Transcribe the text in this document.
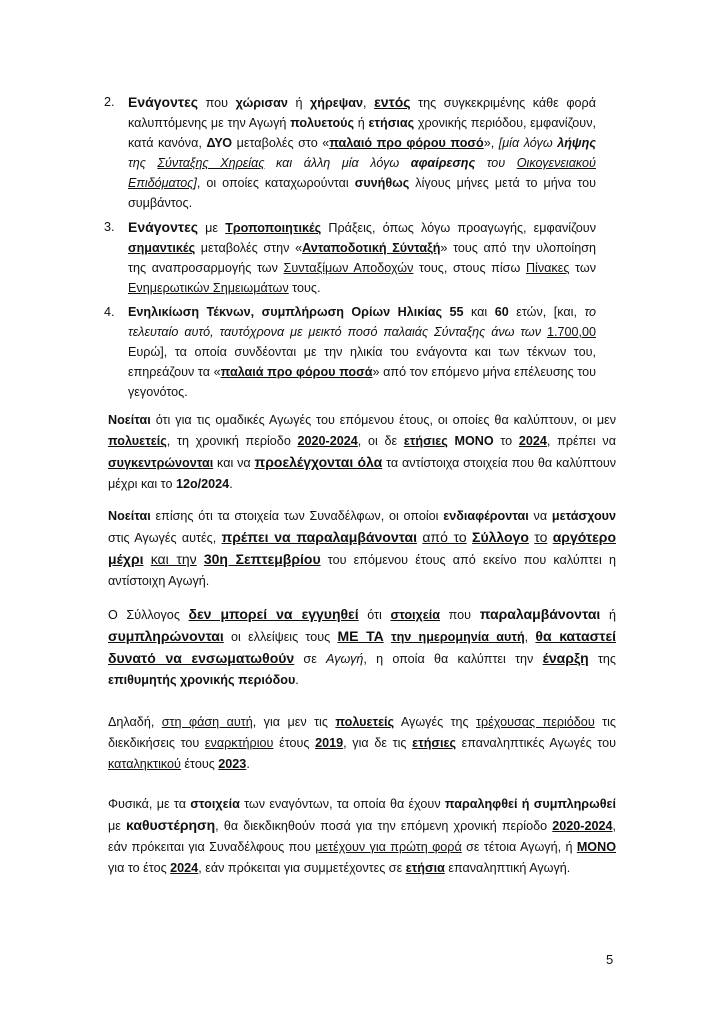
2. Ενάγοντες που χώρισαν ή χήρεψαν, εντός της συγκεκριμένης κάθε φορά καλυπτόμενης με την Αγωγή πολυετούς ή ετήσιας χρονικής περιόδου, εμφανίζουν, κατά κανόνα, ΔΥΟ μεταβολές στο «παλαιό προ φόρου ποσό», [μία λόγω λήψης της Σύνταξης Χηρείας και άλλη μία λόγω αφαίρεσης του Οικογενειακού Επιδόματος], οι οποίες καταχωρούνται συνήθως λίγους μήνες μετά το μήνα του συμβάντος.
3. Ενάγοντες με Τροποποιητικές Πράξεις, όπως λόγω προαγωγής, εμφανίζουν σημαντικές μεταβολές στην «Ανταποδοτική Σύνταξή» τους από την υλοποίηση της αναπροσαρμογής των Συνταξίμων Αποδοχών τους, στους πίσω Πίνακες των Ενημερωτικών Σημειωμάτων τους.
4. Ενηλικίωση Τέκνων, συμπλήρωση Ορίων Ηλικίας 55 και 60 ετών, [και, το τελευταίο αυτό, ταυτόχρονα με μεικτό ποσό παλαιάς Σύνταξης άνω των 1.700,00 Ευρώ], τα οποία συνδέονται με την ηλικία του ενάγοντα και των τέκνων του, επηρεάζουν τα «παλαιά προ φόρου ποσά» από τον επόμενο μήνα επέλευσης του γεγονότος.

Νοείται ότι για τις ομαδικές Αγωγές του επόμενου έτους, οι οποίες θα καλύπτουν, οι μεν πολυετείς, τη χρονική περίοδο 2020-2024, οι δε ετήσιες ΜΟΝΟ το 2024, πρέπει να συγκεντρώνονται και να προελέγχονται όλα τα αντίστοιχα στοιχεία που θα καλύπτουν μέχρι και το 12ο/2024.

Νοείται επίσης ότι τα στοιχεία των Συναδέλφων, οι οποίοι ενδιαφέρονται να μετάσχουν στις Αγωγές αυτές, πρέπει να παραλαμβάνονται από το Σύλλογο το αργότερο μέχρι και την 30η Σεπτεμβρίου του επόμενου έτους από εκείνο που καλύπτει η αντίστοιχη Αγωγή.

Ο Σύλλογος δεν μπορεί να εγγυηθεί ότι στοιχεία που παραλαμβάνονται ή συμπληρώνονται οι ελλείψεις τους ΜΕ ΤΑ την ημερομηνία αυτή, θα καταστεί δυνατό να ενσωματωθούν σε Αγωγή, η οποία θα καλύπτει την έναρξη της επιθυμητής χρονικής περιόδου.

Δηλαδή, στη φάση αυτή, για μεν τις πολυετείς Αγωγές της τρέχουσας περιόδου τις διεκδικήσεις του εναρκτήριου έτους 2019, για δε τις ετήσιες επαναληπτικές Αγωγές του καταληκτικού έτους 2023.

Φυσικά, με τα στοιχεία των εναγόντων, τα οποία θα έχουν παραληφθεί ή συμπληρωθεί με καθυστέρηση, θα διεκδικηθούν ποσά για την επόμενη χρονική περίοδο 2020-2024, εάν πρόκειται για Συναδέλφους που μετέχουν για πρώτη φορά σε τέτοια Αγωγή, ή ΜΟΝΟ για το έτος 2024, εάν πρόκειται για συμμετέχοντες σε ετήσια επαναληπτική Αγωγή.

5
